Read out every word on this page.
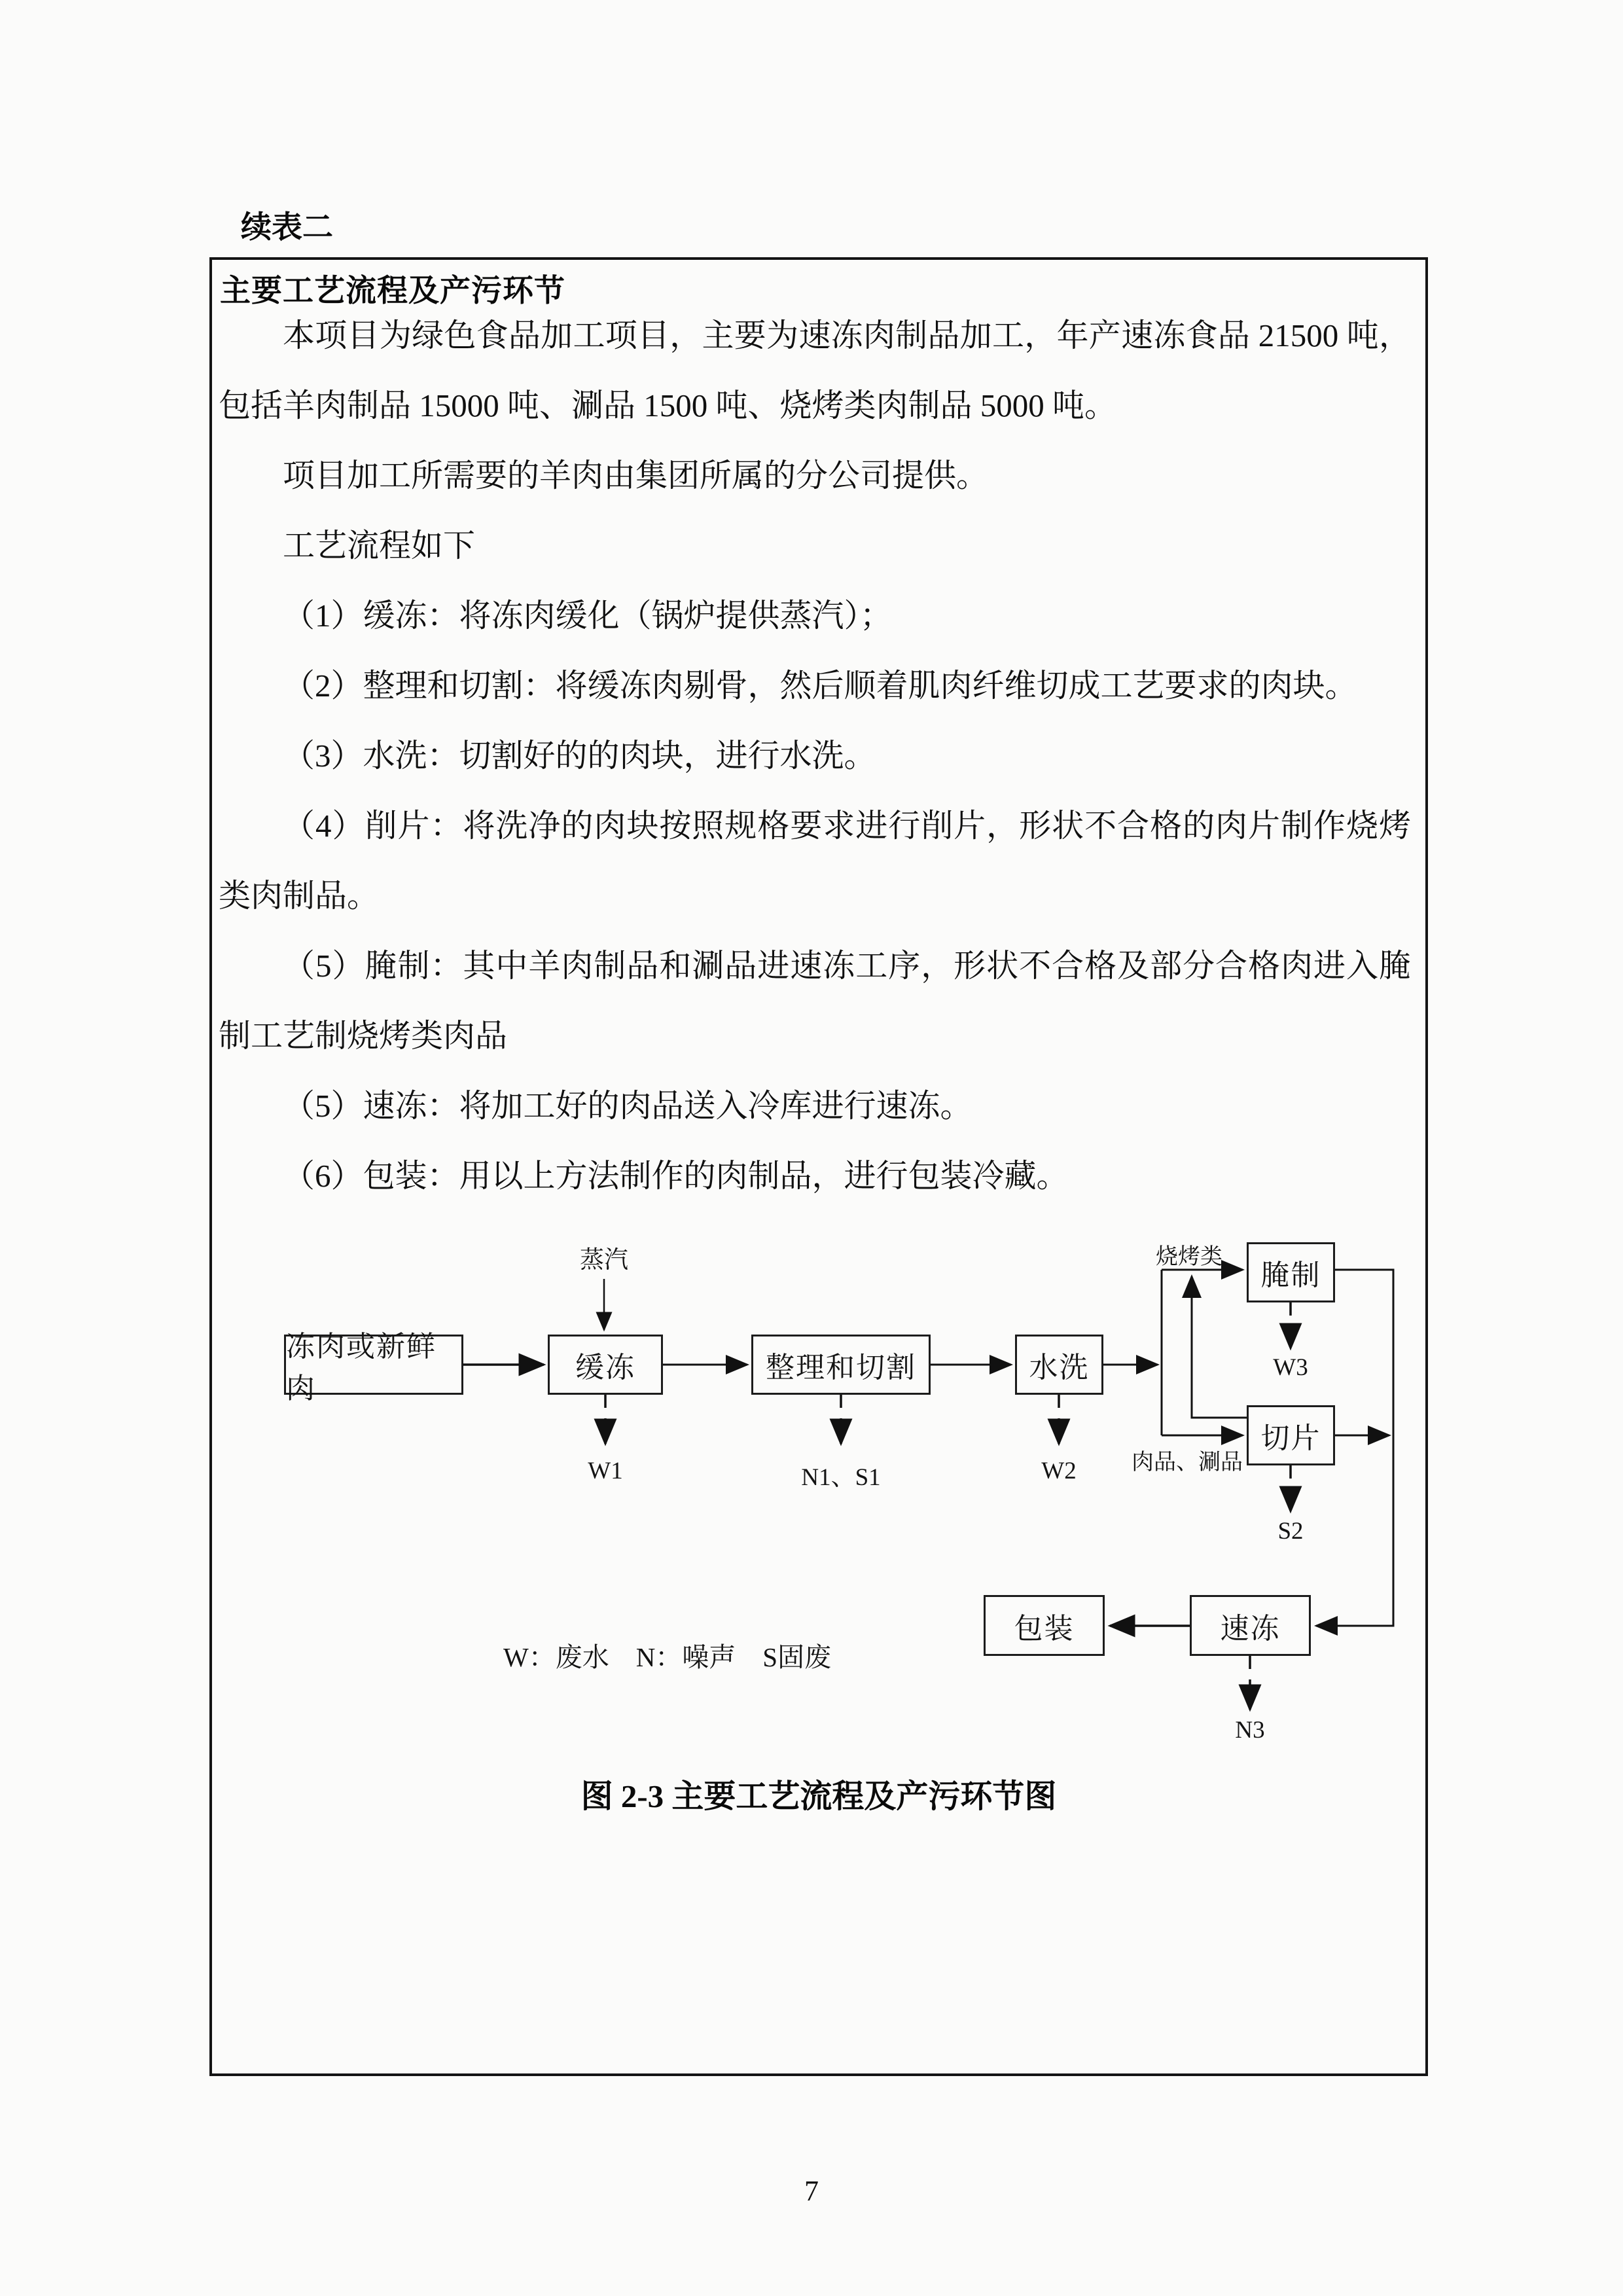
续表二
主要工艺流程及产污环节

本项目为绿色食品加工项目，主要为速冻肉制品加工，年产速冻食品 21500 吨，包括羊肉制品 15000 吨、涮品 1500 吨、烧烤类肉制品 5000 吨。

项目加工所需要的羊肉由集团所属的分公司提供。

工艺流程如下

（1）缓冻：将冻肉缓化（锅炉提供蒸汽）；

（2）整理和切割：将缓冻肉剔骨，然后顺着肌肉纤维切成工艺要求的肉块。

（3）水洗：切割好的的肉块，进行水洗。

（4）削片：将洗净的肉块按照规格要求进行削片，形状不合格的肉片制作烧烤类肉制品。

（5）腌制：其中羊肉制品和涮品进速冻工序，形状不合格及部分合格肉进入腌制工艺制烧烤类肉品

（5）速冻：将加工好的肉品送入冷库进行速冻。

（6）包装：用以上方法制作的肉制品，进行包装冷藏。

冻肉或新鲜肉
缓冻	整理和切割	水洗
腌制
切片
速冻
包装
蒸汽
W1	N1、S1	W2
W3
S2
N3
烧烤类
肉品、涮品
W：废水　N：噪声　S固废
图 2-3 主要工艺流程及产污环节图
7
